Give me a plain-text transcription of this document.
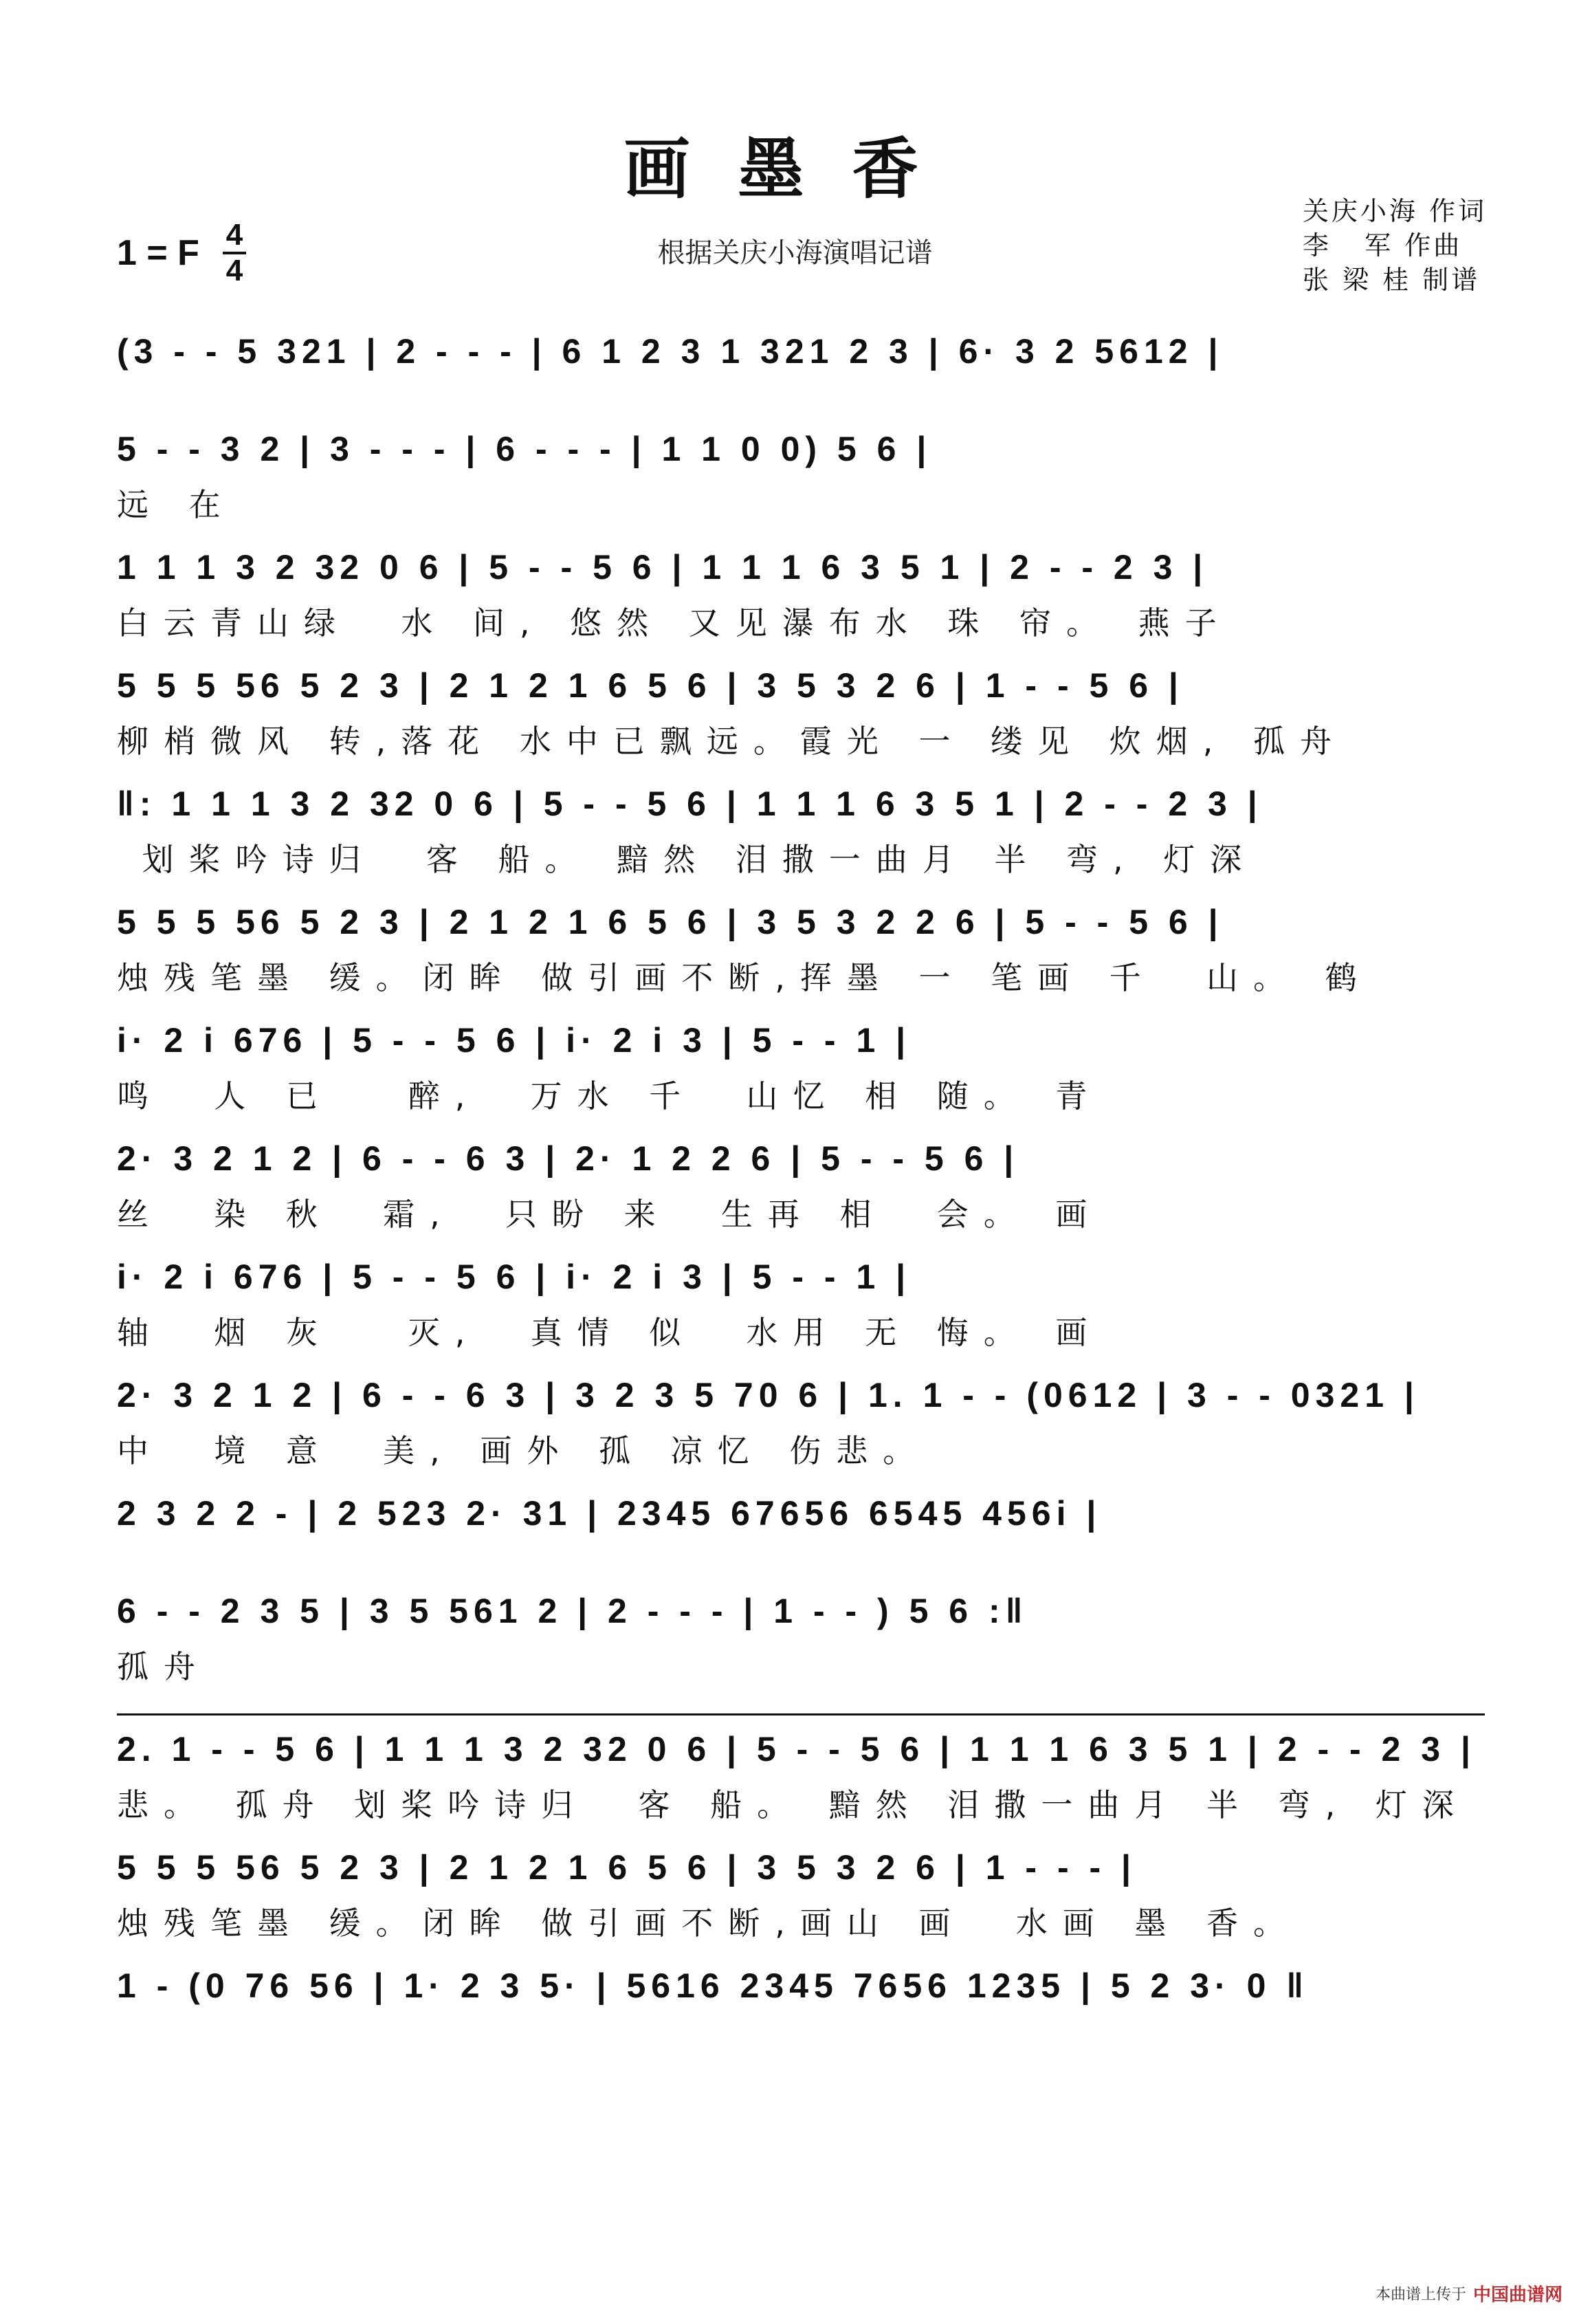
画墨香
1 = F $\frac{4}{4}$	根据关庆小海演唱记谱
关庆小海 作词
李   军 作曲
张 梁 桂 制谱
(3 - - 5 321 | 2 - - - | 6 1 2 3 1 321 2 3 | 6· 3 2 5612 |
5 - - 3 2 | 3 - - - | 6 - - - | 1 1 0 0) 5 6 |
远 在
1 1 1 3 2 32 0 6 | 5 - - 5 6 | 1 1 1 6 3 5 1 | 2 - - 2 3 |
白云青山绿  水 间, 悠然 又见瀑布水 珠 帘。 燕子
5 5 5 56 5 2 3 | 2 1 2 1 6 5 6 | 3 5 3 2 6 | 1 - - 5 6 |
柳梢微风 转,落花 水中已飘远。霞光 一 缕见 炊烟, 孤舟
‖: 1 1 1 3 2 32 0 6 | 5 - - 5 6 | 1 1 1 6 3 5 1 | 2 - - 2 3 |
划桨吟诗归  客 船。 黯然 泪撒一曲月 半 弯, 灯深
5 5 5 56 5 2 3 | 2 1 2 1 6 5 6 | 3 5 3 2 2 6 | 5 - - 5 6 |
烛残笔墨 缓。闭眸 做引画不断,挥墨 一 笔画 千  山。 鹤
i· 2 i 676 | 5 - - 5 6 | i· 2 i 3 | 5 - - 1 |
鸣  人 已   醉,  万水 千  山忆 相 随。 青
2· 3 2 1 2 | 6 - - 6 3 | 2· 1 2 2 6 | 5 - - 5 6 |
丝  染 秋  霜,  只盼 来  生再 相  会。 画
i· 2 i 676 | 5 - - 5 6 | i· 2 i 3 | 5 - - 1 |
轴  烟 灰   灭,  真情 似  水用 无 悔。 画
2· 3 2 1 2 | 6 - - 6 3 | 3 2 3 5 70 6 | 1. 1 - - (0612 | 3 - - 0321 |
中  境 意  美, 画外 孤 凉忆 伤悲。
2 3 2 2 - | 2 523 2· 31 | 2345 67656 6545 456i |
6 - - 2 3 5 | 3 5 561 2 | 2 - - - | 1 - - ) 5 6 :‖
孤舟
2. 1 - - 5 6 | 1 1 1 3 2 32 0 6 | 5 - - 5 6 | 1 1 1 6 3 5 1 | 2 - - 2 3 |
悲。 孤舟 划桨吟诗归  客 船。 黯然 泪撒一曲月 半 弯, 灯深
5 5 5 56 5 2 3 | 2 1 2 1 6 5 6 | 3 5 3 2 6 | 1 - - - |
烛残笔墨 缓。闭眸 做引画不断,画山 画  水画 墨 香。
1 - (0 76 56 | 1· 2 3 5· | 5616 2345 7656 1235 | 5 2 3· 0 ‖
本曲谱上传于 中国曲谱网
